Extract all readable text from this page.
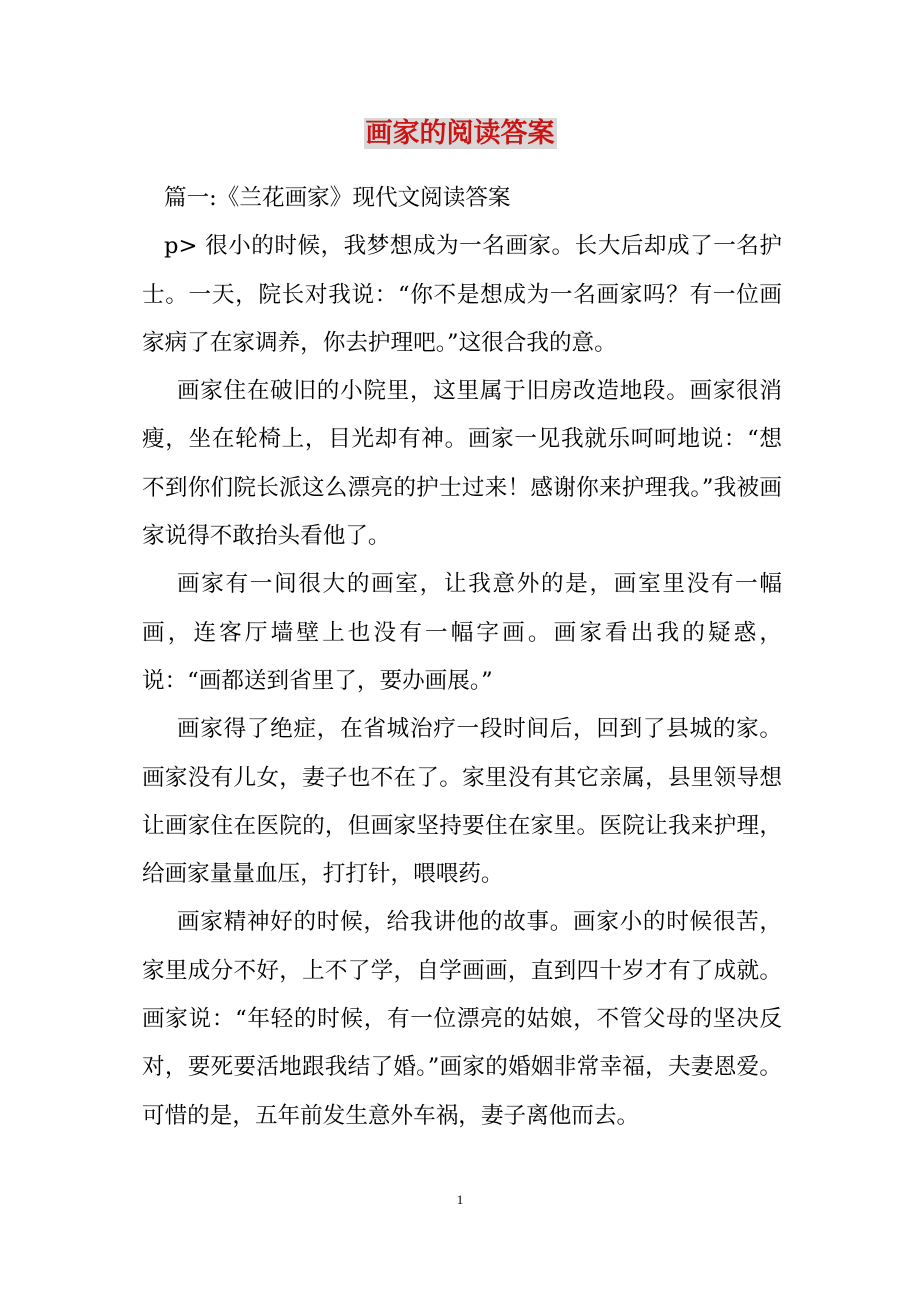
画家的阅读答案

篇一:《兰花画家》现代文阅读答案

p> 很小的时候，我梦想成为一名画家。长大后却成了一名护士。一天，院长对我说：“你不是想成为一名画家吗？有一位画家病了在家调养，你去护理吧。”这很合我的意。

画家住在破旧的小院里，这里属于旧房改造地段。画家很消瘦，坐在轮椅上，目光却有神。画家一见我就乐呵呵地说：“想不到你们院长派这么漂亮的护士过来！感谢你来护理我。”我被画家说得不敢抬头看他了。

画家有一间很大的画室，让我意外的是，画室里没有一幅画，连客厅墙壁上也没有一幅字画。画家看出我的疑惑，说：“画都送到省里了，要办画展。”

画家得了绝症，在省城治疗一段时间后，回到了县城的家。画家没有儿女，妻子也不在了。家里没有其它亲属，县里领导想让画家住在医院的，但画家坚持要住在家里。医院让我来护理，给画家量量血压，打打针，喂喂药。

画家精神好的时候，给我讲他的故事。画家小的时候很苦，家里成分不好，上不了学，自学画画，直到四十岁才有了成就。画家说：“年轻的时候，有一位漂亮的姑娘，不管父母的坚决反对，要死要活地跟我结了婚。”画家的婚姻非常幸福，夫妻恩爱。可惜的是，五年前发生意外车祸，妻子离他而去。

1
